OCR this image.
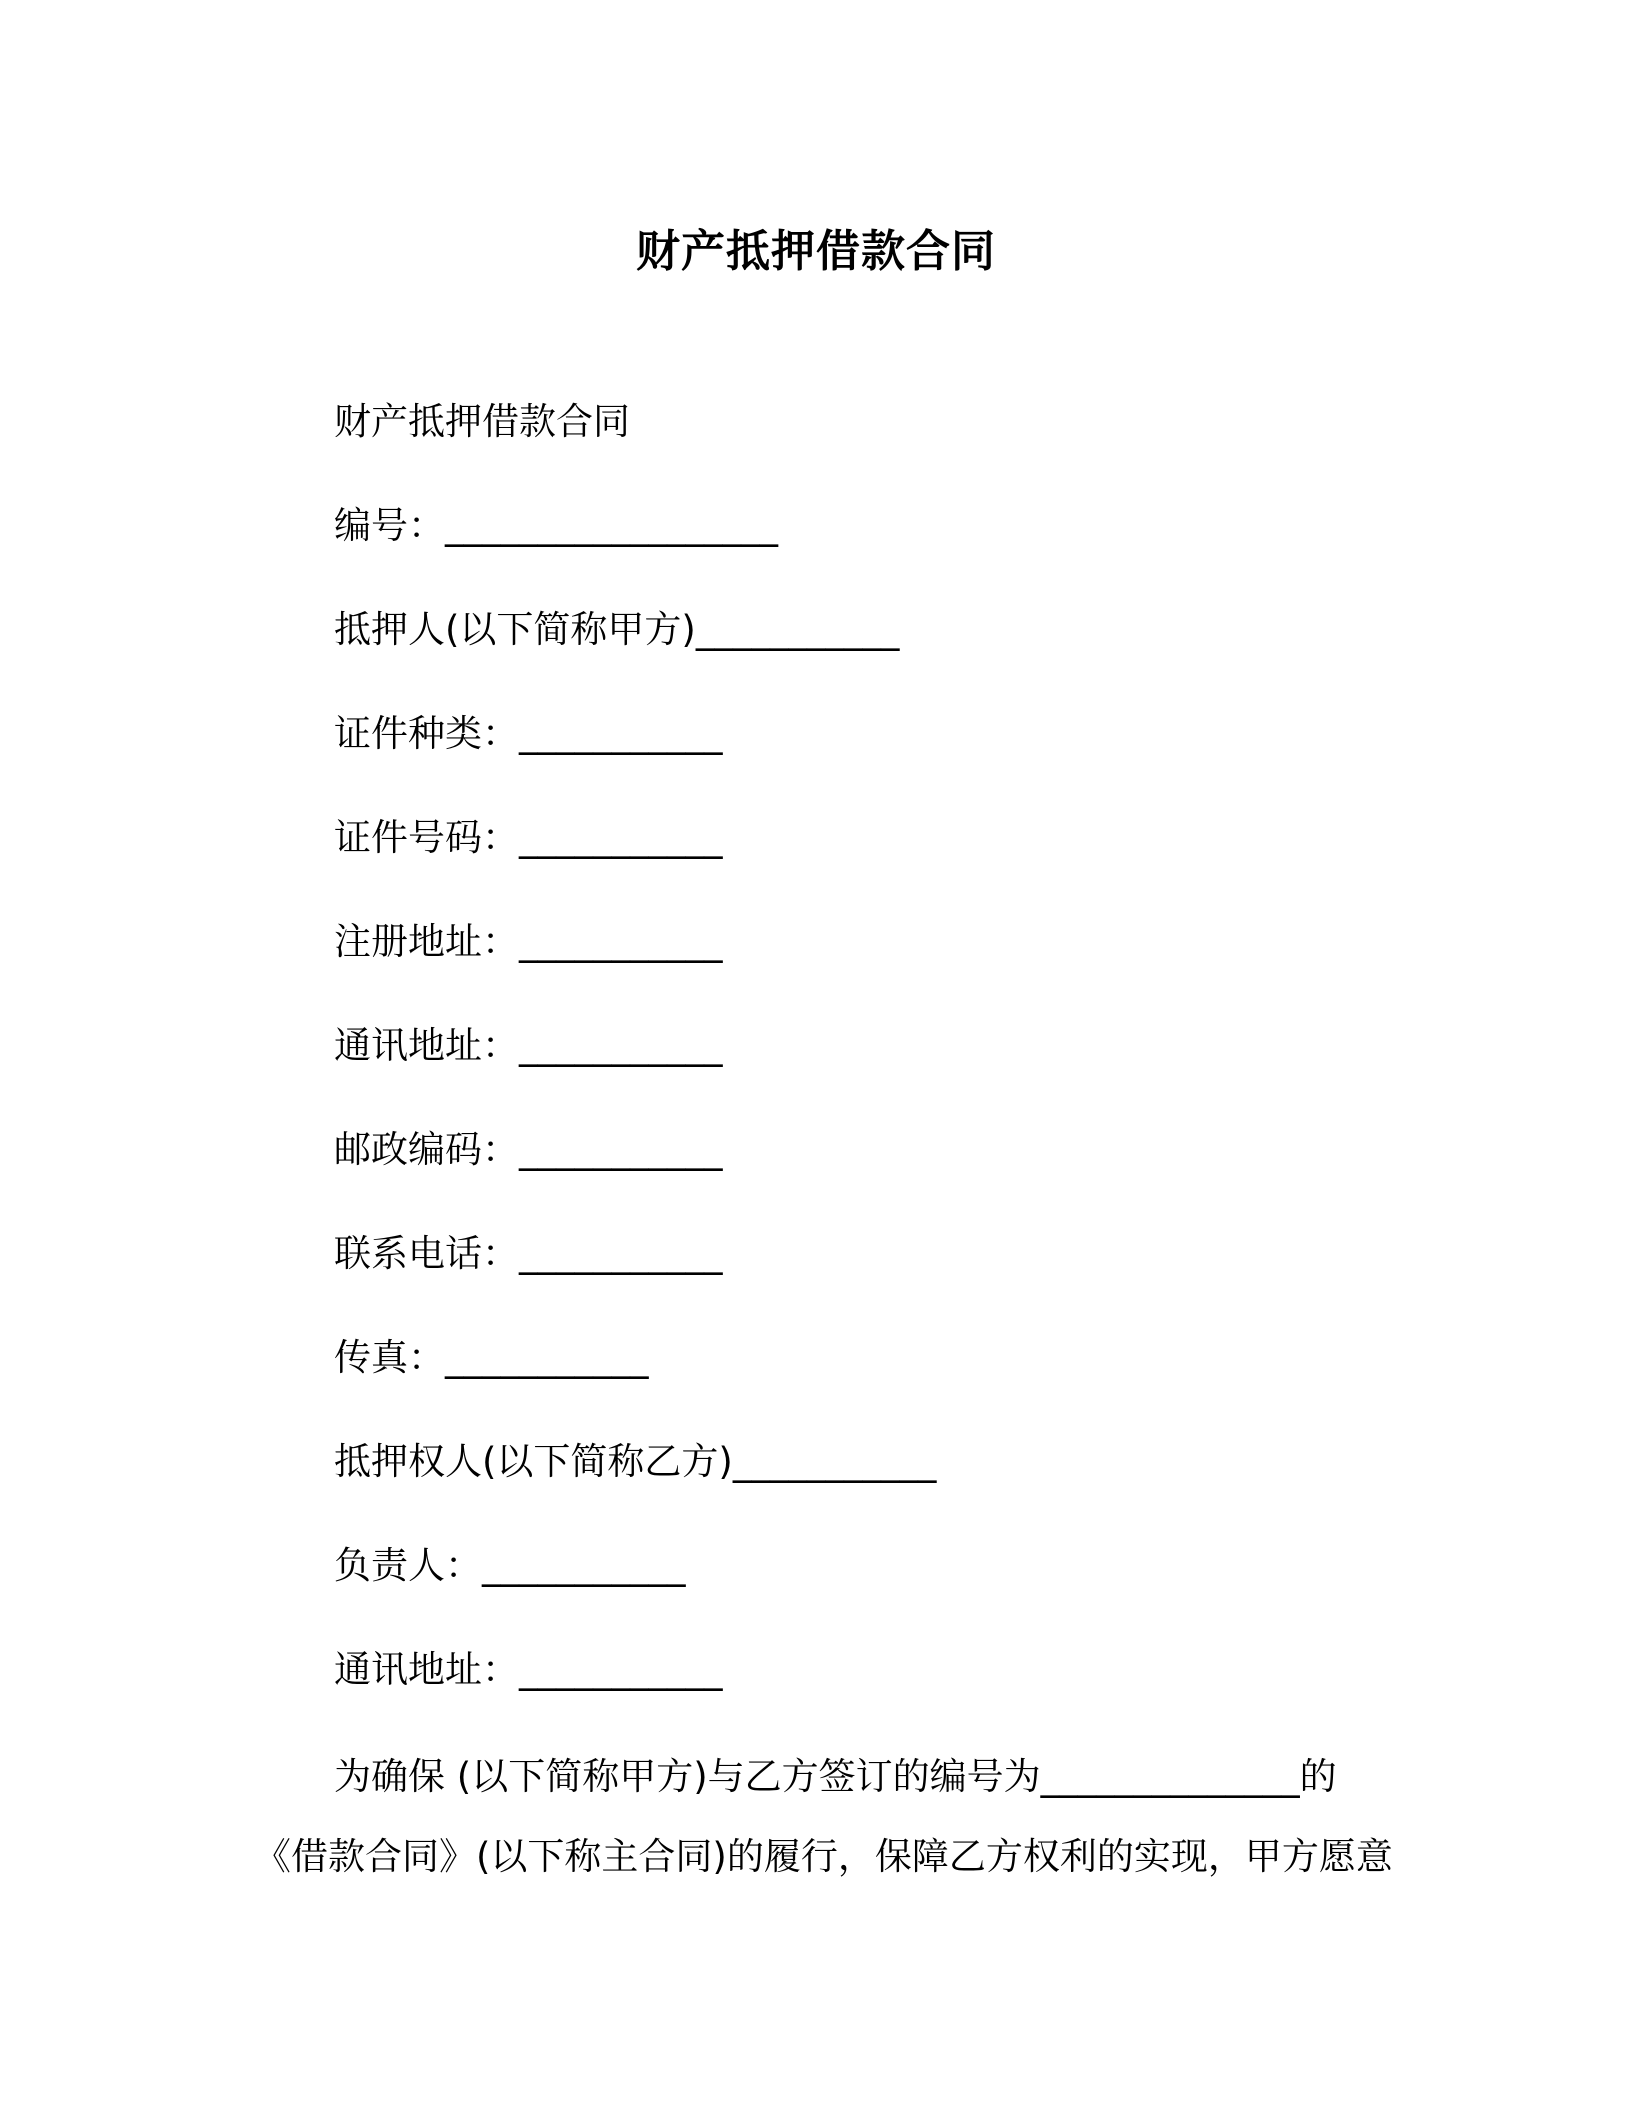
财产抵押借款合同
财产抵押借款合同
编号：__________________
抵押人(以下简称甲方)___________
证件种类：___________
证件号码：___________
注册地址：___________
通讯地址：___________
邮政编码：___________
联系电话：___________
传真：___________
抵押权人(以下简称乙方)___________
负责人：___________
通讯地址：___________

为确保 (以下简称甲方)与乙方签订的编号为______________的
《借款合同》(以下称主合同)的履行，保障乙方权利的实现，甲方愿意
